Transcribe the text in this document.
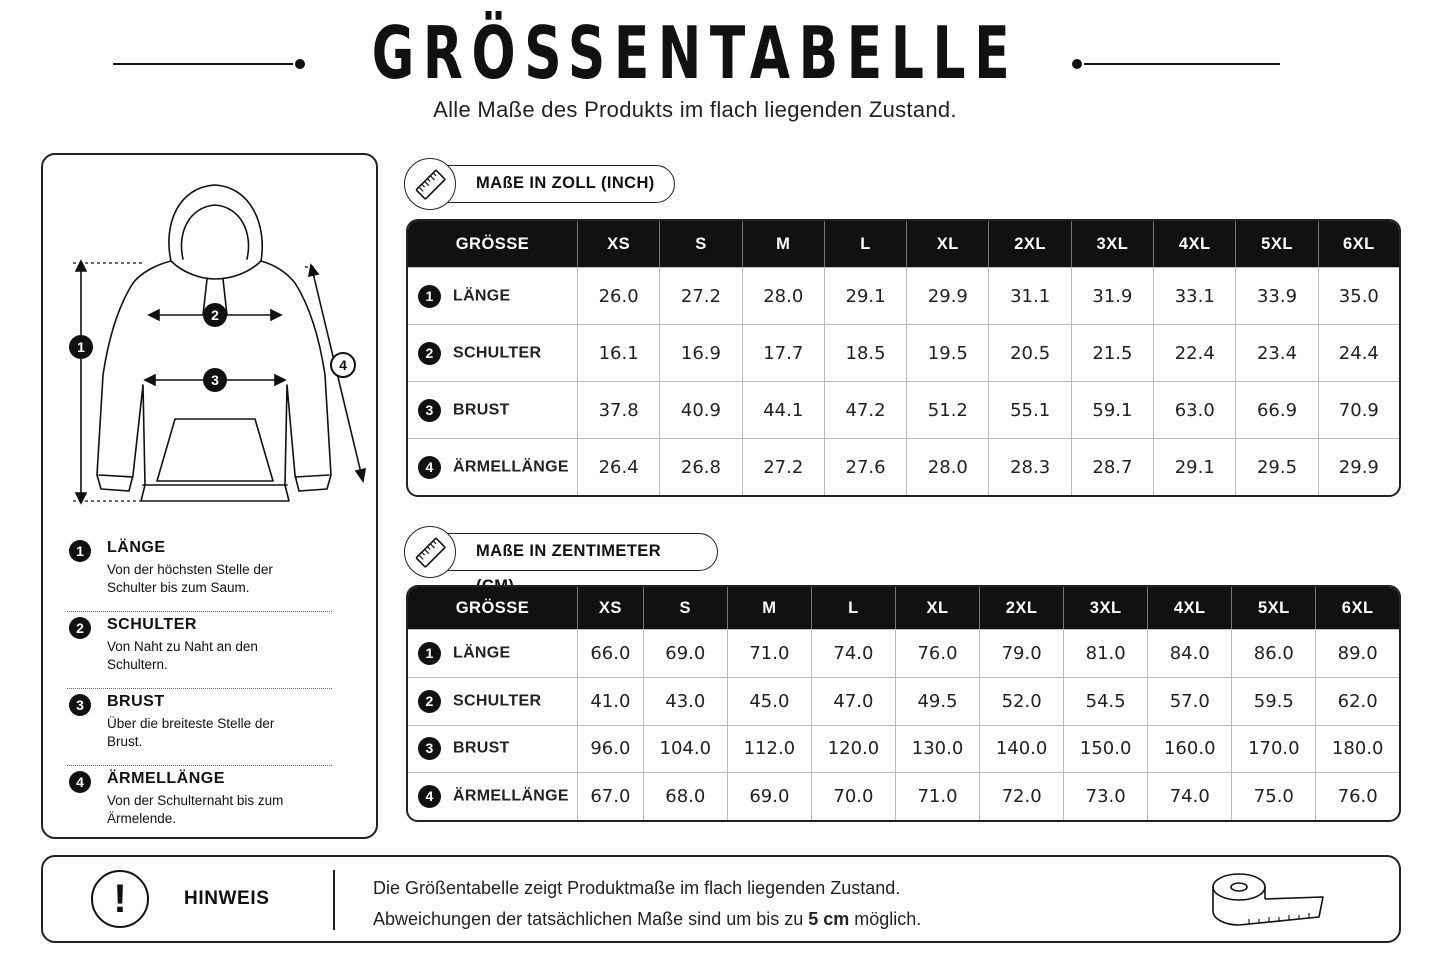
GRÖSSENTABELLE
Alle Maße des Produkts im flach liegenden Zustand.
1
2
3
4
1	LÄNGE
Von der höchsten Stelle der Schulter bis zum Saum.
2	SCHULTER
Von Naht zu Naht an den Schultern.
3	BRUST
Über die breiteste Stelle der Brust.
4	ÄRMELLÄNGE
Von der Schulternaht bis zum Ärmelende.
MAßE IN ZOLL (INCH)
GRÖSSE	XS	S	M	L	XL	2XL	3XL	4XL	5XL	6XL
1 LÄNGE	26.0	27.2	28.0	29.1	29.9	31.1	31.9	33.1	33.9	35.0
2 SCHULTER	16.1	16.9	17.7	18.5	19.5	20.5	21.5	22.4	23.4	24.4
3 BRUST	37.8	40.9	44.1	47.2	51.2	55.1	59.1	63.0	66.9	70.9
4 ÄRMELLÄNGE	26.4	26.8	27.2	27.6	28.0	28.3	28.7	29.1	29.5	29.9
MAßE IN ZENTIMETER
GRÖSSE	XS	S	M	L	XL	2XL	3XL	4XL	5XL	6XL
1 LÄNGE	66.0	69.0	71.0	74.0	76.0	79.0	81.0	84.0	86.0	89.0
2 SCHULTER	41.0	43.0	45.0	47.0	49.5	52.0	54.5	57.0	59.5	62.0
3 BRUST	96.0	104.0	112.0	120.0	130.0	140.0	150.0	160.0	170.0	180.0
4 ÄRMELLÄNGE	67.0	68.0	69.0	70.0	71.0	72.0	73.0	74.0	75.0	76.0
!	HINWEIS	Die Größentabelle zeigt Produktmaße im flach liegenden Zustand.
Abweichungen der tatsächlichen Maße sind um bis zu 5 cm möglich.
